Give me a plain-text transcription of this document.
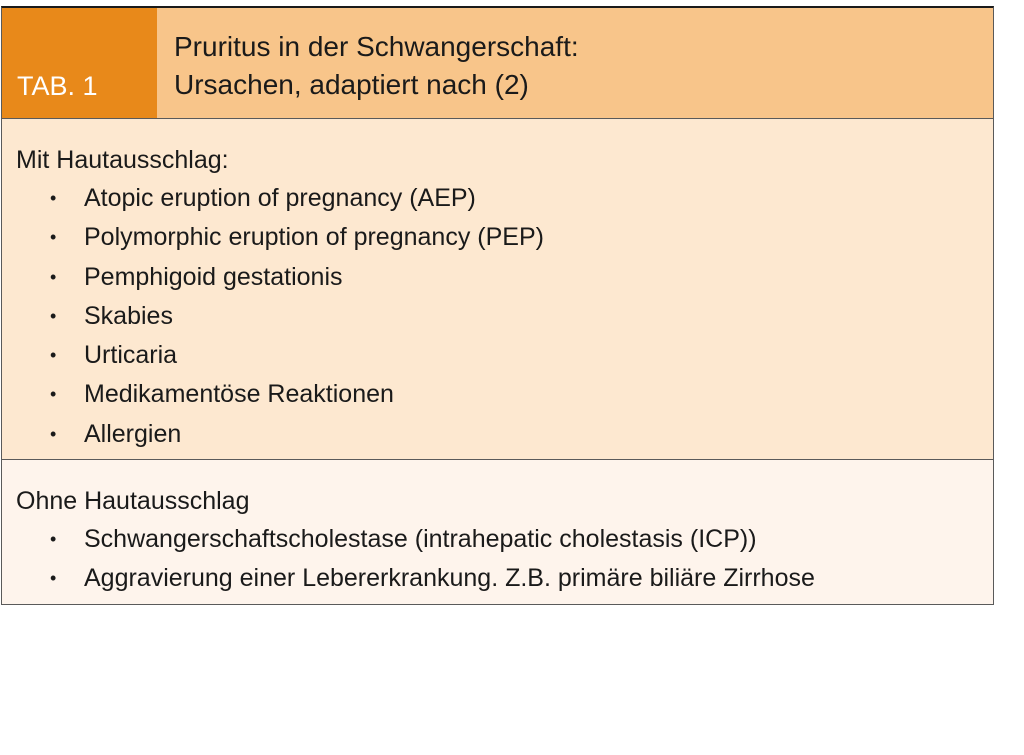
TAB. 1
Pruritus in der Schwangerschaft:
Ursachen, adaptiert nach (2)
Mit Hautausschlag:
•	Atopic eruption of pregnancy (AEP)
•	Polymorphic eruption of pregnancy (PEP)
•	Pemphigoid gestationis
•	Skabies
•	Urticaria
•	Medikamentöse Reaktionen
•	Allergien
Ohne Hautausschlag
•	Schwangerschaftscholestase (intrahepatic cholestasis (ICP))
•	Aggravierung einer Lebererkrankung. Z.B. primäre biliäre Zirrhose
